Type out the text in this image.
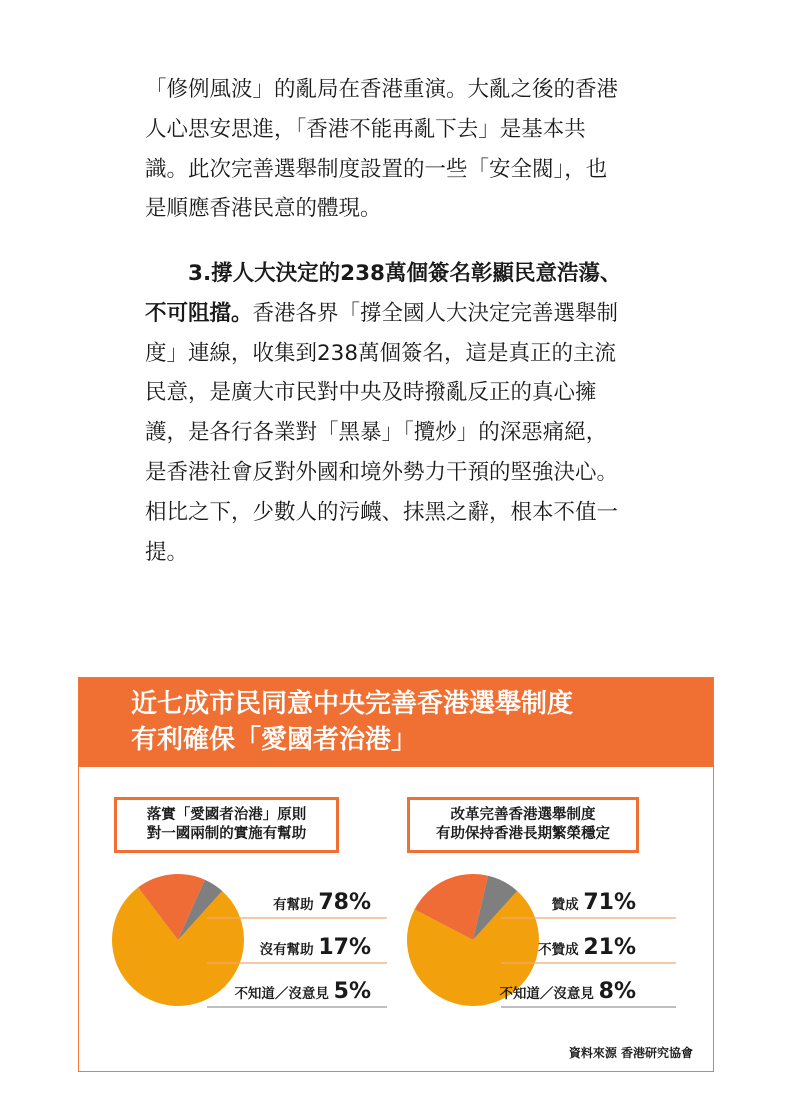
「修例風波」的亂局在香港重演。大亂之後的香港人心思安思進，「香港不能再亂下去」是基本共識。此次完善選舉制度設置的一些「安全閥」，也是順應香港民意的體現。

3.撐人大決定的238萬個簽名彰顯民意浩蕩、不可阻擋。香港各界「撐全國人大決定完善選舉制度」連線，收集到238萬個簽名，這是真正的主流民意，是廣大市民對中央及時撥亂反正的真心擁護，是各行各業對「黑暴」「攬炒」的深惡痛絕，是香港社會反對外國和境外勢力干預的堅強決心。相比之下，少數人的污衊、抹黑之辭，根本不值一提。

近七成市民同意中央完善香港選舉制度
有利確保「愛國者治港」
落實「愛國者治港」原則
對一國兩制的實施有幫助
改革完善香港選舉制度
有助保持香港長期繁榮穩定
有幫助 78%
沒有幫助 17%
不知道／沒意見 5%
贊成 71%
不贊成 21%
不知道／沒意見 8%
資料來源 香港研究協會
